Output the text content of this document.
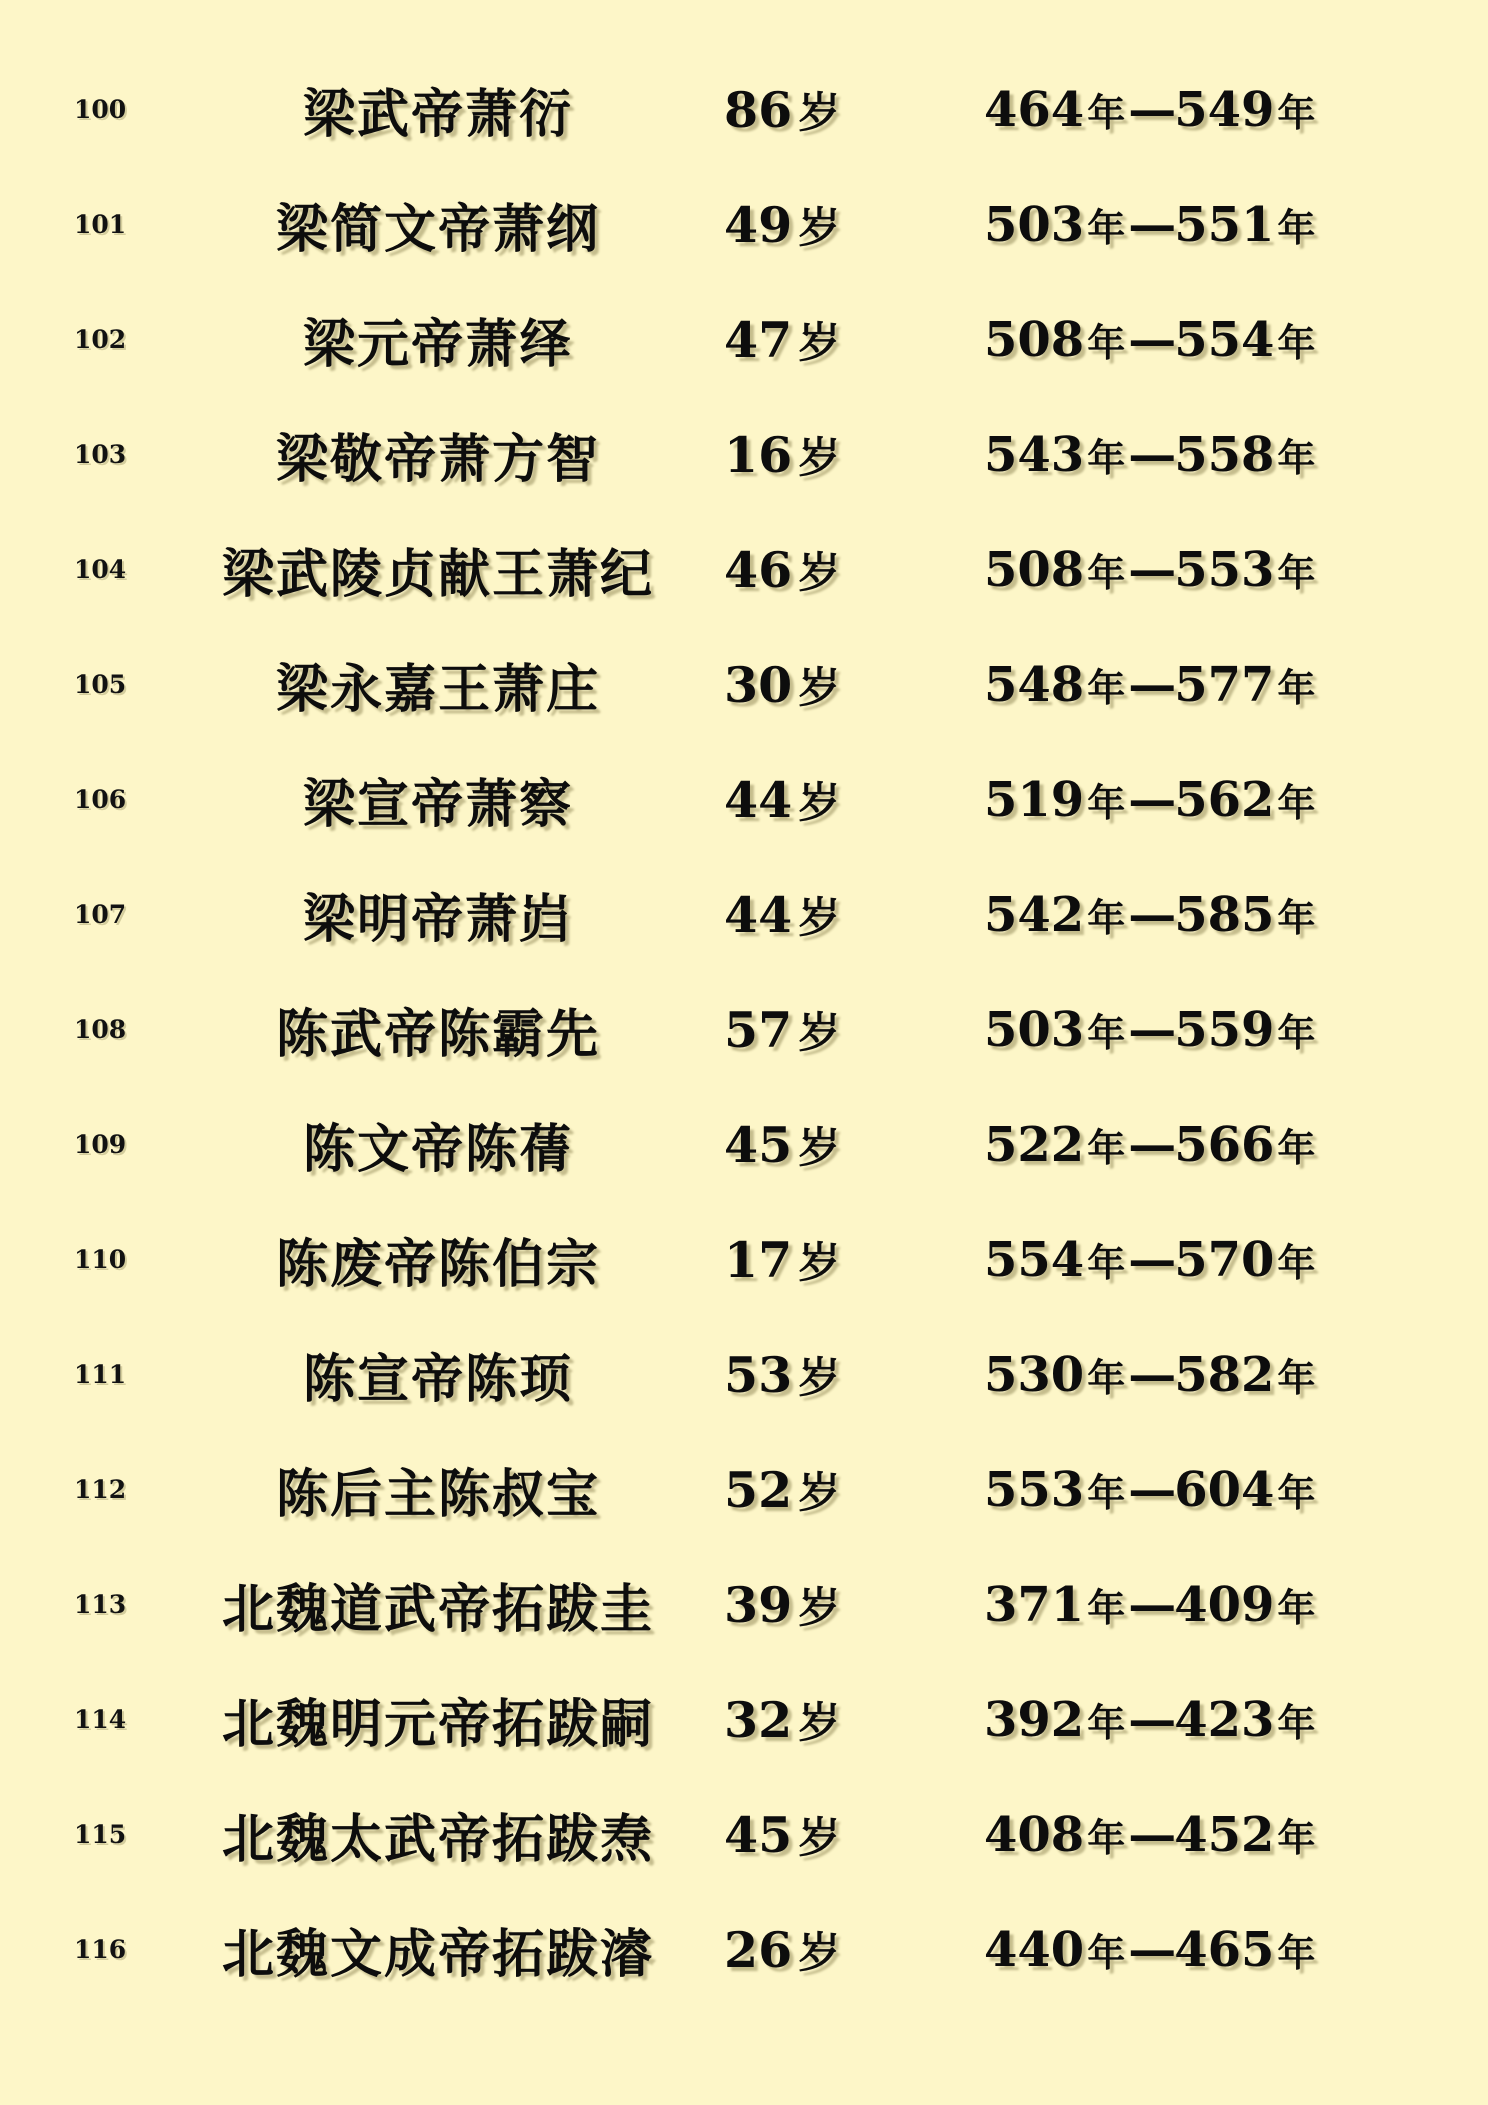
100	梁武帝萧衍	86 岁	464年—549年
101	梁简文帝萧纲	49 岁	503年—551年
102	梁元帝萧绎	47 岁	508年—554年
103	梁敬帝萧方智	16 岁	543年—558年
104	梁武陵贞献王萧纪	46 岁	508年—553年
105	梁永嘉王萧庄	30 岁	548年—577年
106	梁宣帝萧察	44 岁	519年—562年
107	梁明帝萧岿	44 岁	542年—585年
108	陈武帝陈霸先	57 岁	503年—559年
109	陈文帝陈蒨	45 岁	522年—566年
110	陈废帝陈伯宗	17 岁	554年—570年
111	陈宣帝陈顼	53 岁	530年—582年
112	陈后主陈叔宝	52 岁	553年—604年
113	北魏道武帝拓跋圭	39 岁	371年—409年
114	北魏明元帝拓跋嗣	32 岁	392年—423年
115	北魏太武帝拓跋焘	45 岁	408年—452年
116	北魏文成帝拓跋濬	26 岁	440年—465年
